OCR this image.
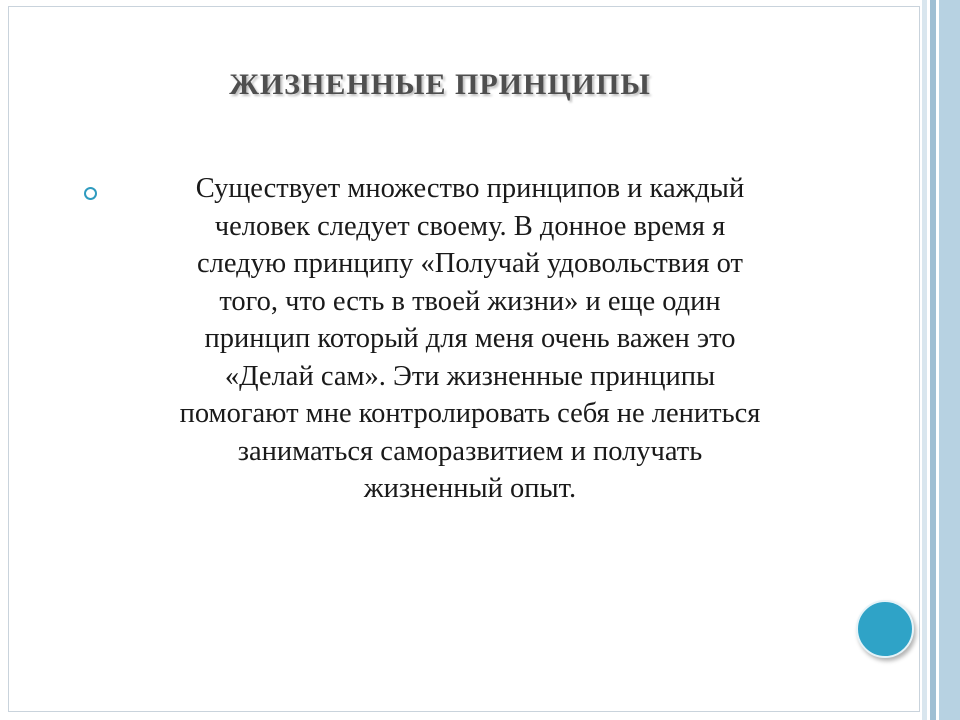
ЖИЗНЕННЫЕ ПРИНЦИПЫ
Существует множество принципов и каждый
человек следует своему. В донное время я
следую принципу «Получай удовольствия от
того, что есть в твоей жизни» и еще один
принцип который для меня очень важен это
«Делай сам». Эти жизненные принципы
помогают мне контролировать себя не лениться
заниматься саморазвитием и получать
жизненный опыт.
